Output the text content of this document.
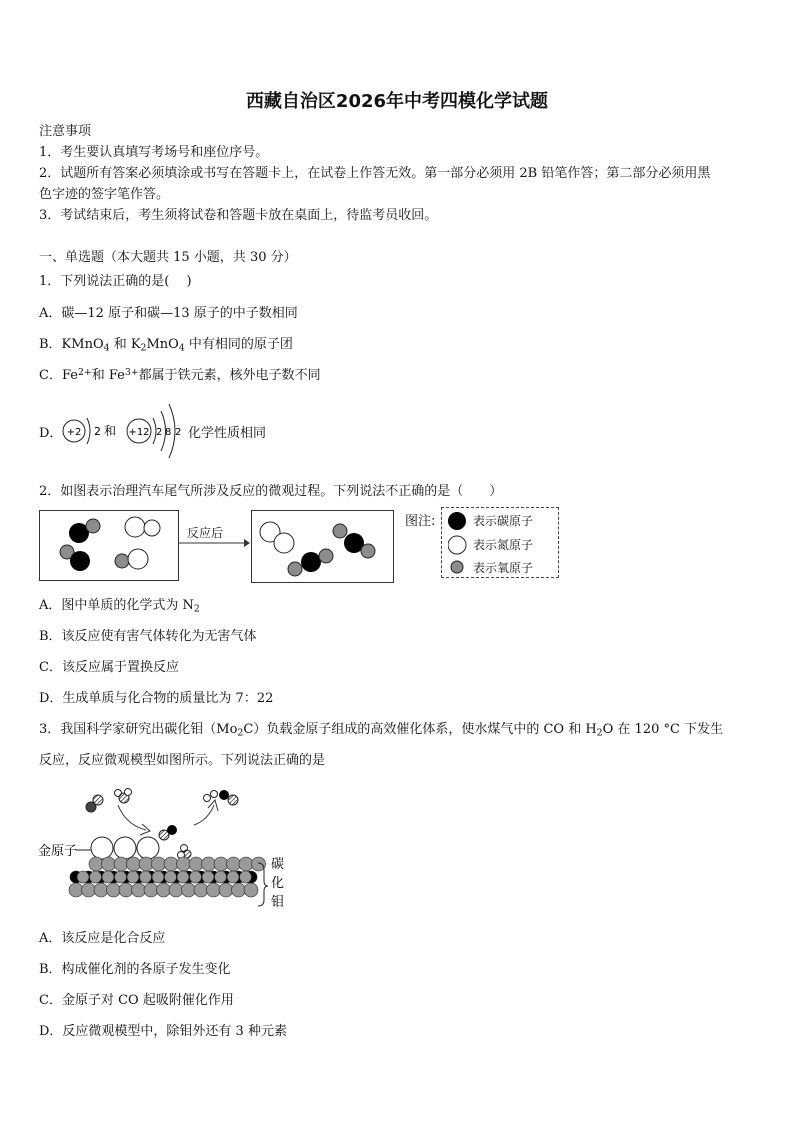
西藏自治区2026年中考四模化学试题
注意事项
1．考生要认真填写考场号和座位序号。
2．试题所有答案必须填涂或书写在答题卡上，在试卷上作答无效。第一部分必须用 2B 铅笔作答；第二部分必须用黑
色字迹的签字笔作答。
3．考试结束后，考生须将试卷和答题卡放在桌面上，待监考员收回。
一、单选题（本大题共 15 小题，共 30 分）
1．下列说法正确的是(　 )
A．碳—12 原子和碳—13 原子的中子数相同
B．KMnO$_4$ 和 $K_2MnO_4$ 中有相同的原子团
C．$Fe^{2+}$和 $Fe^{3+}$都属于铁元素，核外电子数不同
D． +2 2 和 +12 2 8 2 化学性质相同
2．如图表示治理汽车尾气所涉及反应的微观过程。下列说法不正确的是（　　）
反应后
图注:	表示碳原子
表示氮原子
表示氧原子
A．图中单质的化学式为 $N_2$
B．该反应使有害气体转化为无害气体
C．该反应属于置换反应
D．生成单质与化合物的质量比为 7：22
3．我国科学家研究出碳化钼$(Mo_2C)$负载金原子组成的高效催化体系，使水煤气中的 CO 和 $H_2O$ 在 120 °C 下发生
反应，反应微观模型如图所示。下列说法正确的是
金原子
碳
化
钼
A．该反应是化合反应
B．构成催化剂的各原子发生变化
C．金原子对 CO 起吸附催化作用
D．反应微观模型中，除钼外还有 3 种元素
